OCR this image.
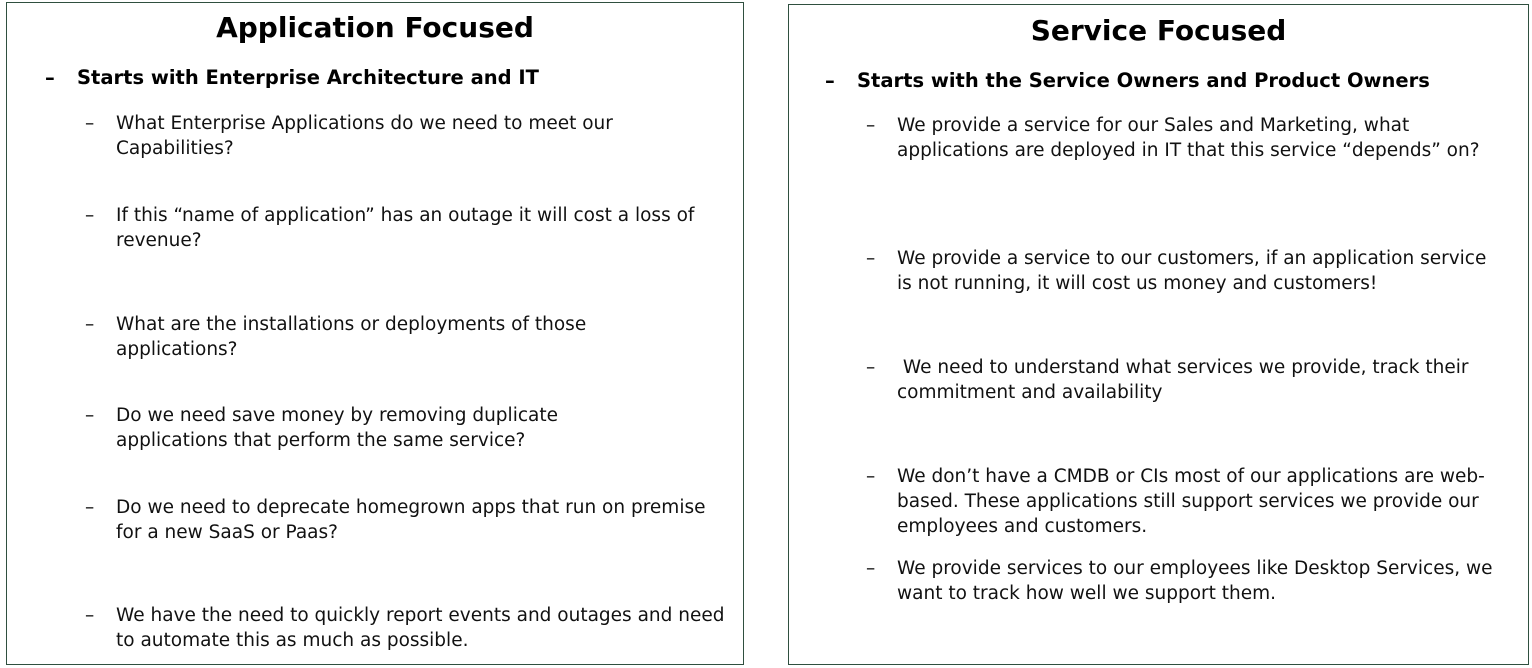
Application Focused
–	Starts with Enterprise Architecture and IT
–	What Enterprise Applications do we need to meet our Capabilities?
–	If this “name of application” has an outage it will cost a loss of revenue?
–	What are the installations or deployments of those applications?
–	Do we need save money by removing duplicate applications that perform the same service?
–	Do we need to deprecate homegrown apps that run on premise for a new SaaS or Paas?
–	We have the need to quickly report events and outages and need to automate this as much as possible.
Service Focused
–	Starts with the Service Owners and Product Owners
–	We provide a service for our Sales and Marketing, what applications are deployed in IT that this service “depends” on?
–	We provide a service to our customers, if an application service is not running, it will cost us money and customers!
–	We need to understand what services we provide, track their commitment and availability
–	We don’t have a CMDB or CIs most of our applications are web-based. These applications still support services we provide our employees and customers.
–	We provide services to our employees like Desktop Services, we want to track how well we support them.
